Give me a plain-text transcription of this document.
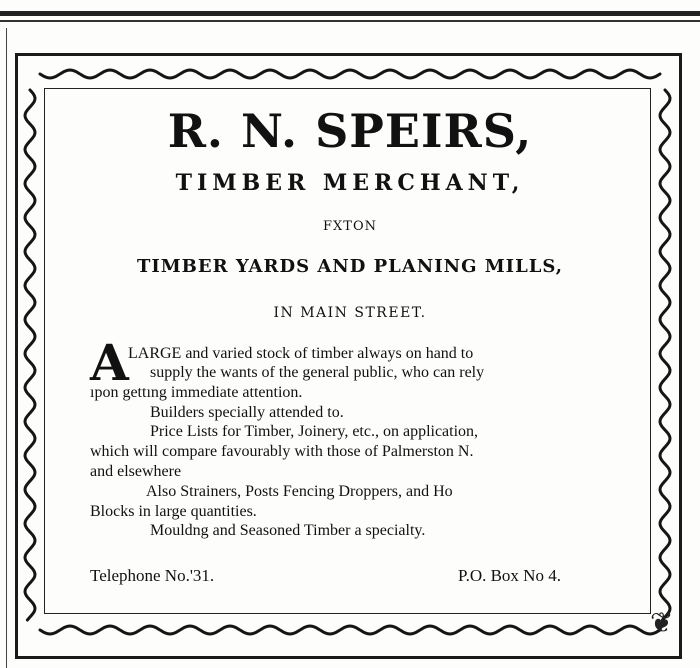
❦
R. N. SPEIRS,
TIMBER MERCHANT,
FXTON
TIMBER YARDS AND PLANING MILLS,
IN MAIN STREET.
A LARGE and varied stock of timber always on hand to
supply the wants of the general public, who can rely
ıpon gettıng immediate attention.
Builders specially attended to.
Price Lists for Timber, Joinery, etc., on application,
which will compare favourably with those of Palmerston N.
and elsewhere
Also Strainers, Posts Fencing Droppers, and Ho
Blocks in large quantities.
Mouldng and Seasoned Timber a specialty.
Telephone No.'31.	P.O. Box No 4.
